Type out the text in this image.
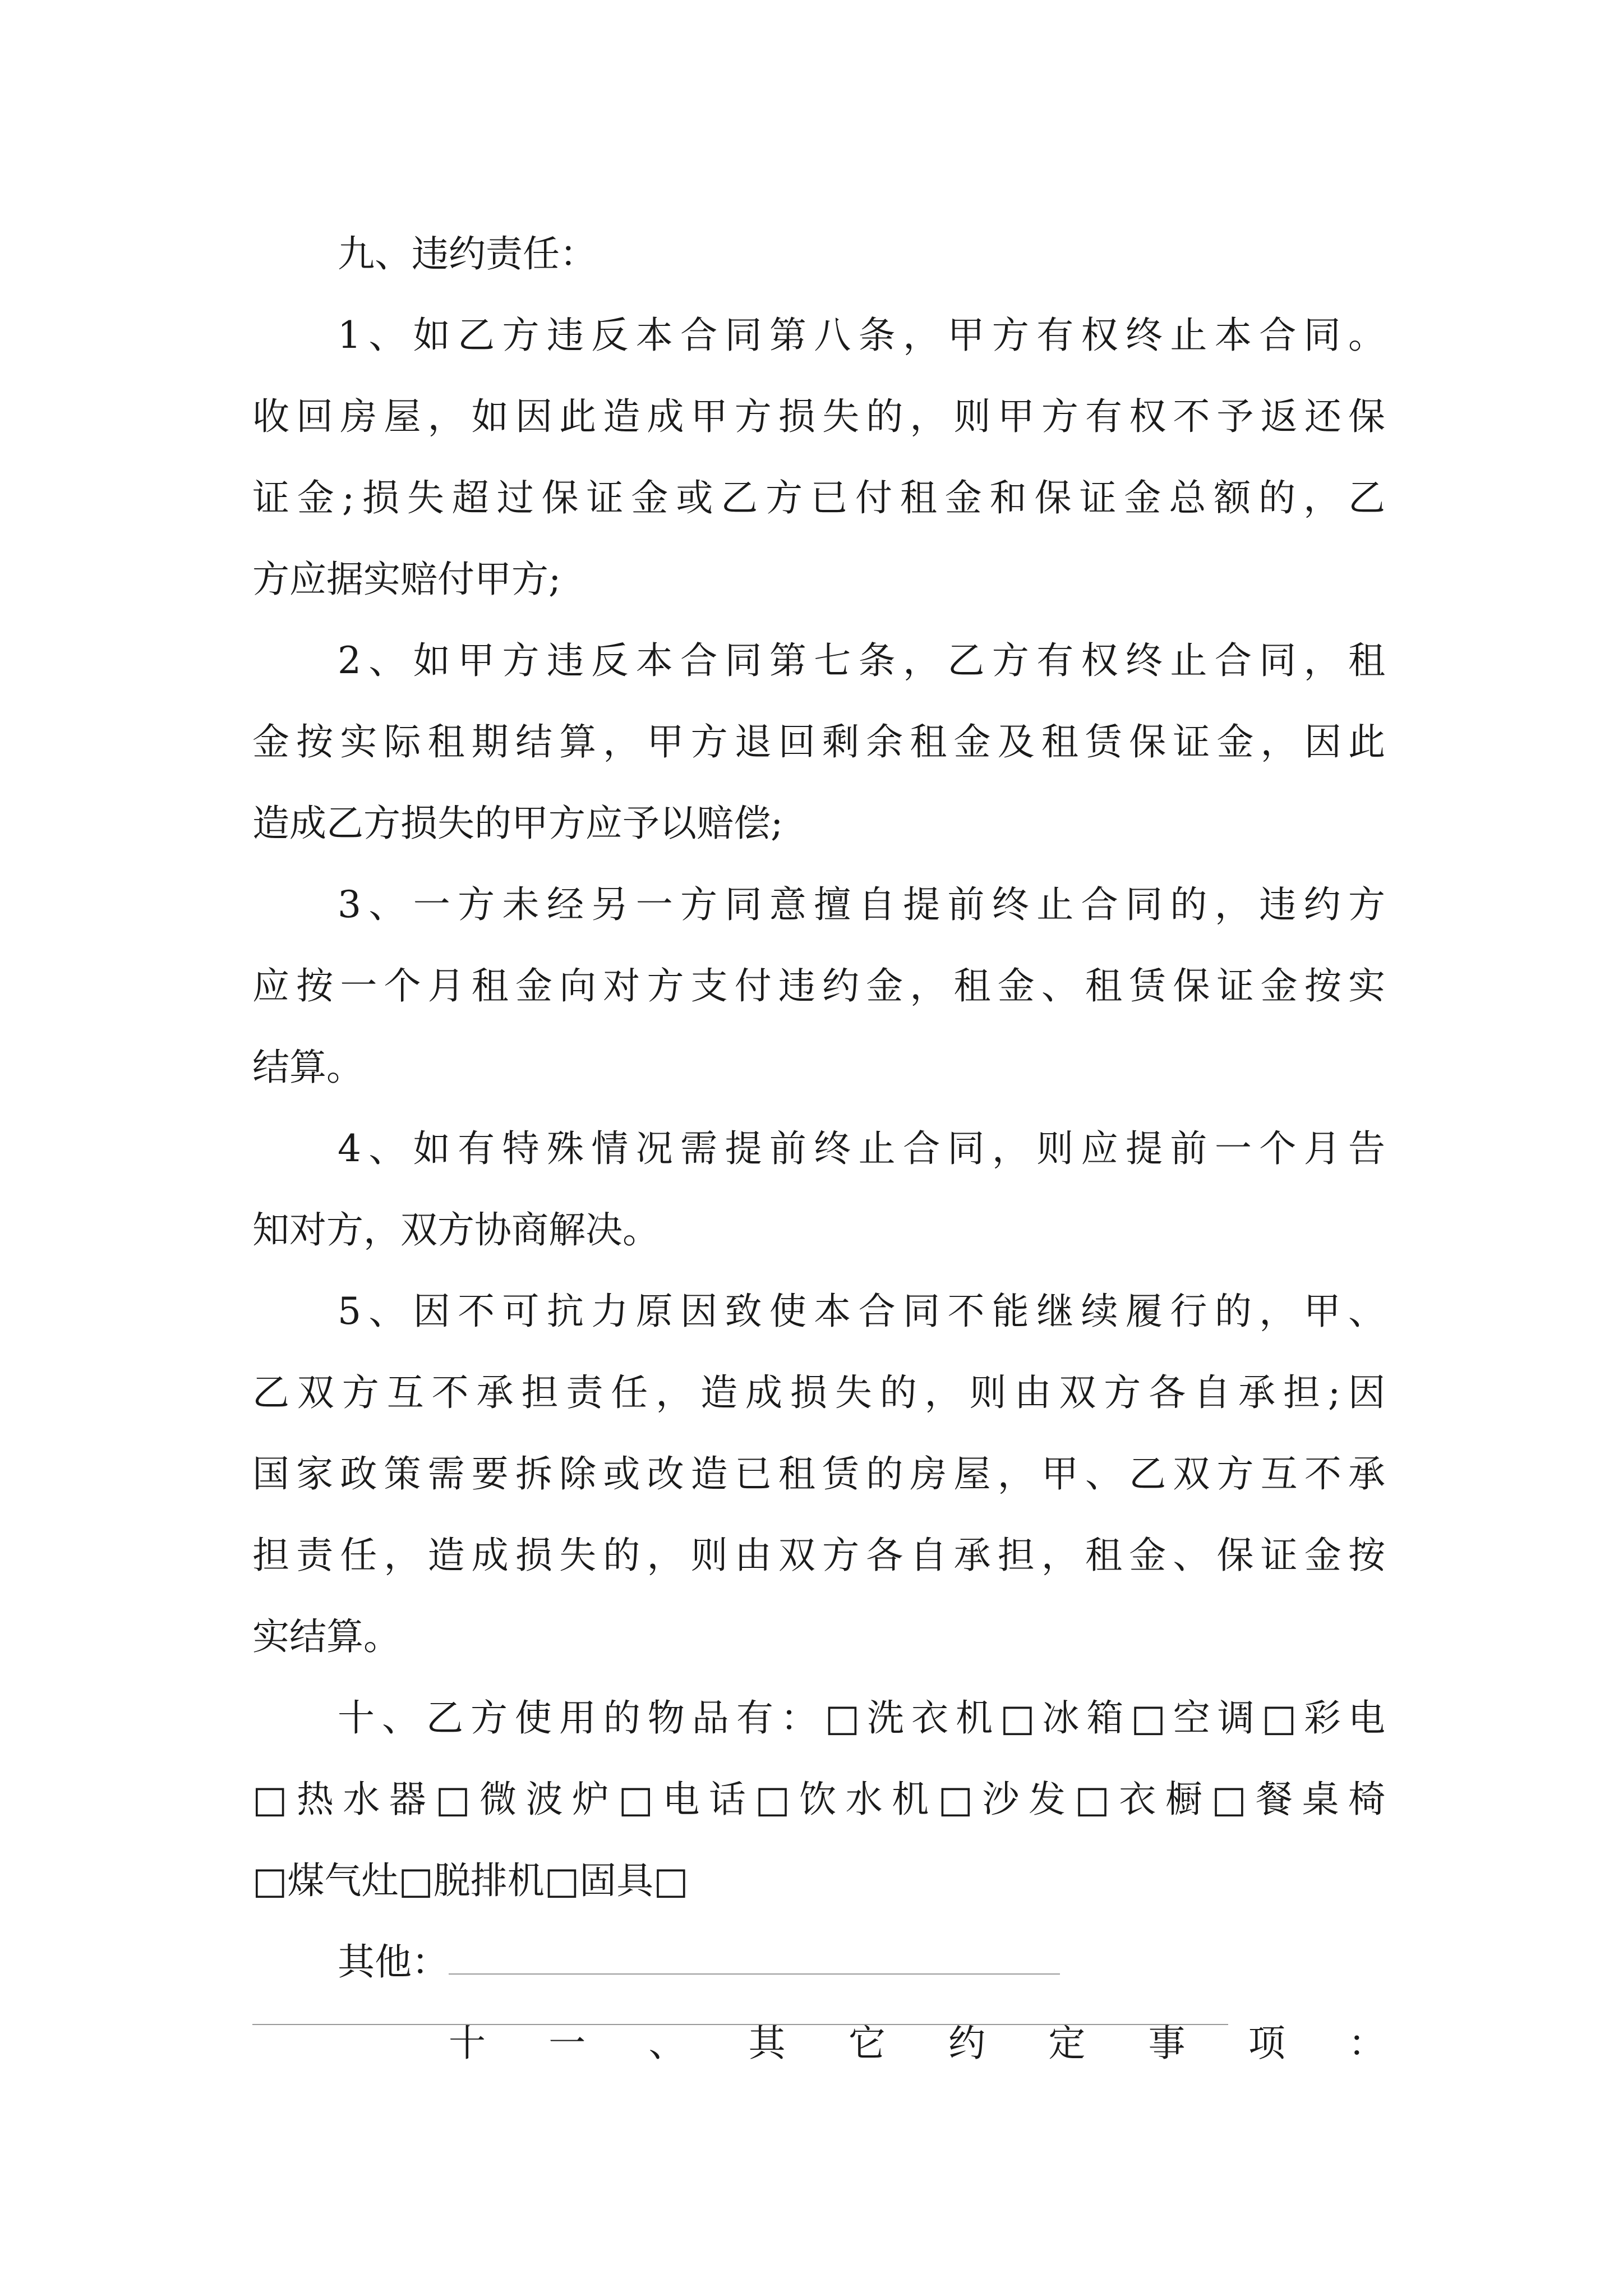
九、违约责任：
1、如乙方违反本合同第八条，甲方有权终止本合同。
收回房屋，如因此造成甲方损失的，则甲方有权不予返还保
证金;损失超过保证金或乙方已付租金和保证金总额的，乙
方应据实赔付甲方;
2、如甲方违反本合同第七条，乙方有权终止合同，租
金按实际租期结算，甲方退回剩余租金及租赁保证金，因此
造成乙方损失的甲方应予以赔偿;
3、一方未经另一方同意擅自提前终止合同的，违约方
应按一个月租金向对方支付违约金，租金、租赁保证金按实
结算。
4、如有特殊情况需提前终止合同，则应提前一个月告
知对方，双方协商解决。
5、因不可抗力原因致使本合同不能继续履行的，甲、
乙双方互不承担责任，造成损失的，则由双方各自承担;因
国家政策需要拆除或改造已租赁的房屋，甲、乙双方互不承
担责任，造成损失的，则由双方各自承担，租金、保证金按
实结算。
十、乙方使用的物品有：□洗衣机□冰箱□空调□彩电
□热水器□微波炉□电话□饮水机□沙发□衣橱□餐桌椅
□煤气灶□脱排机□固具□
其他：
十一、其它约定事项：
